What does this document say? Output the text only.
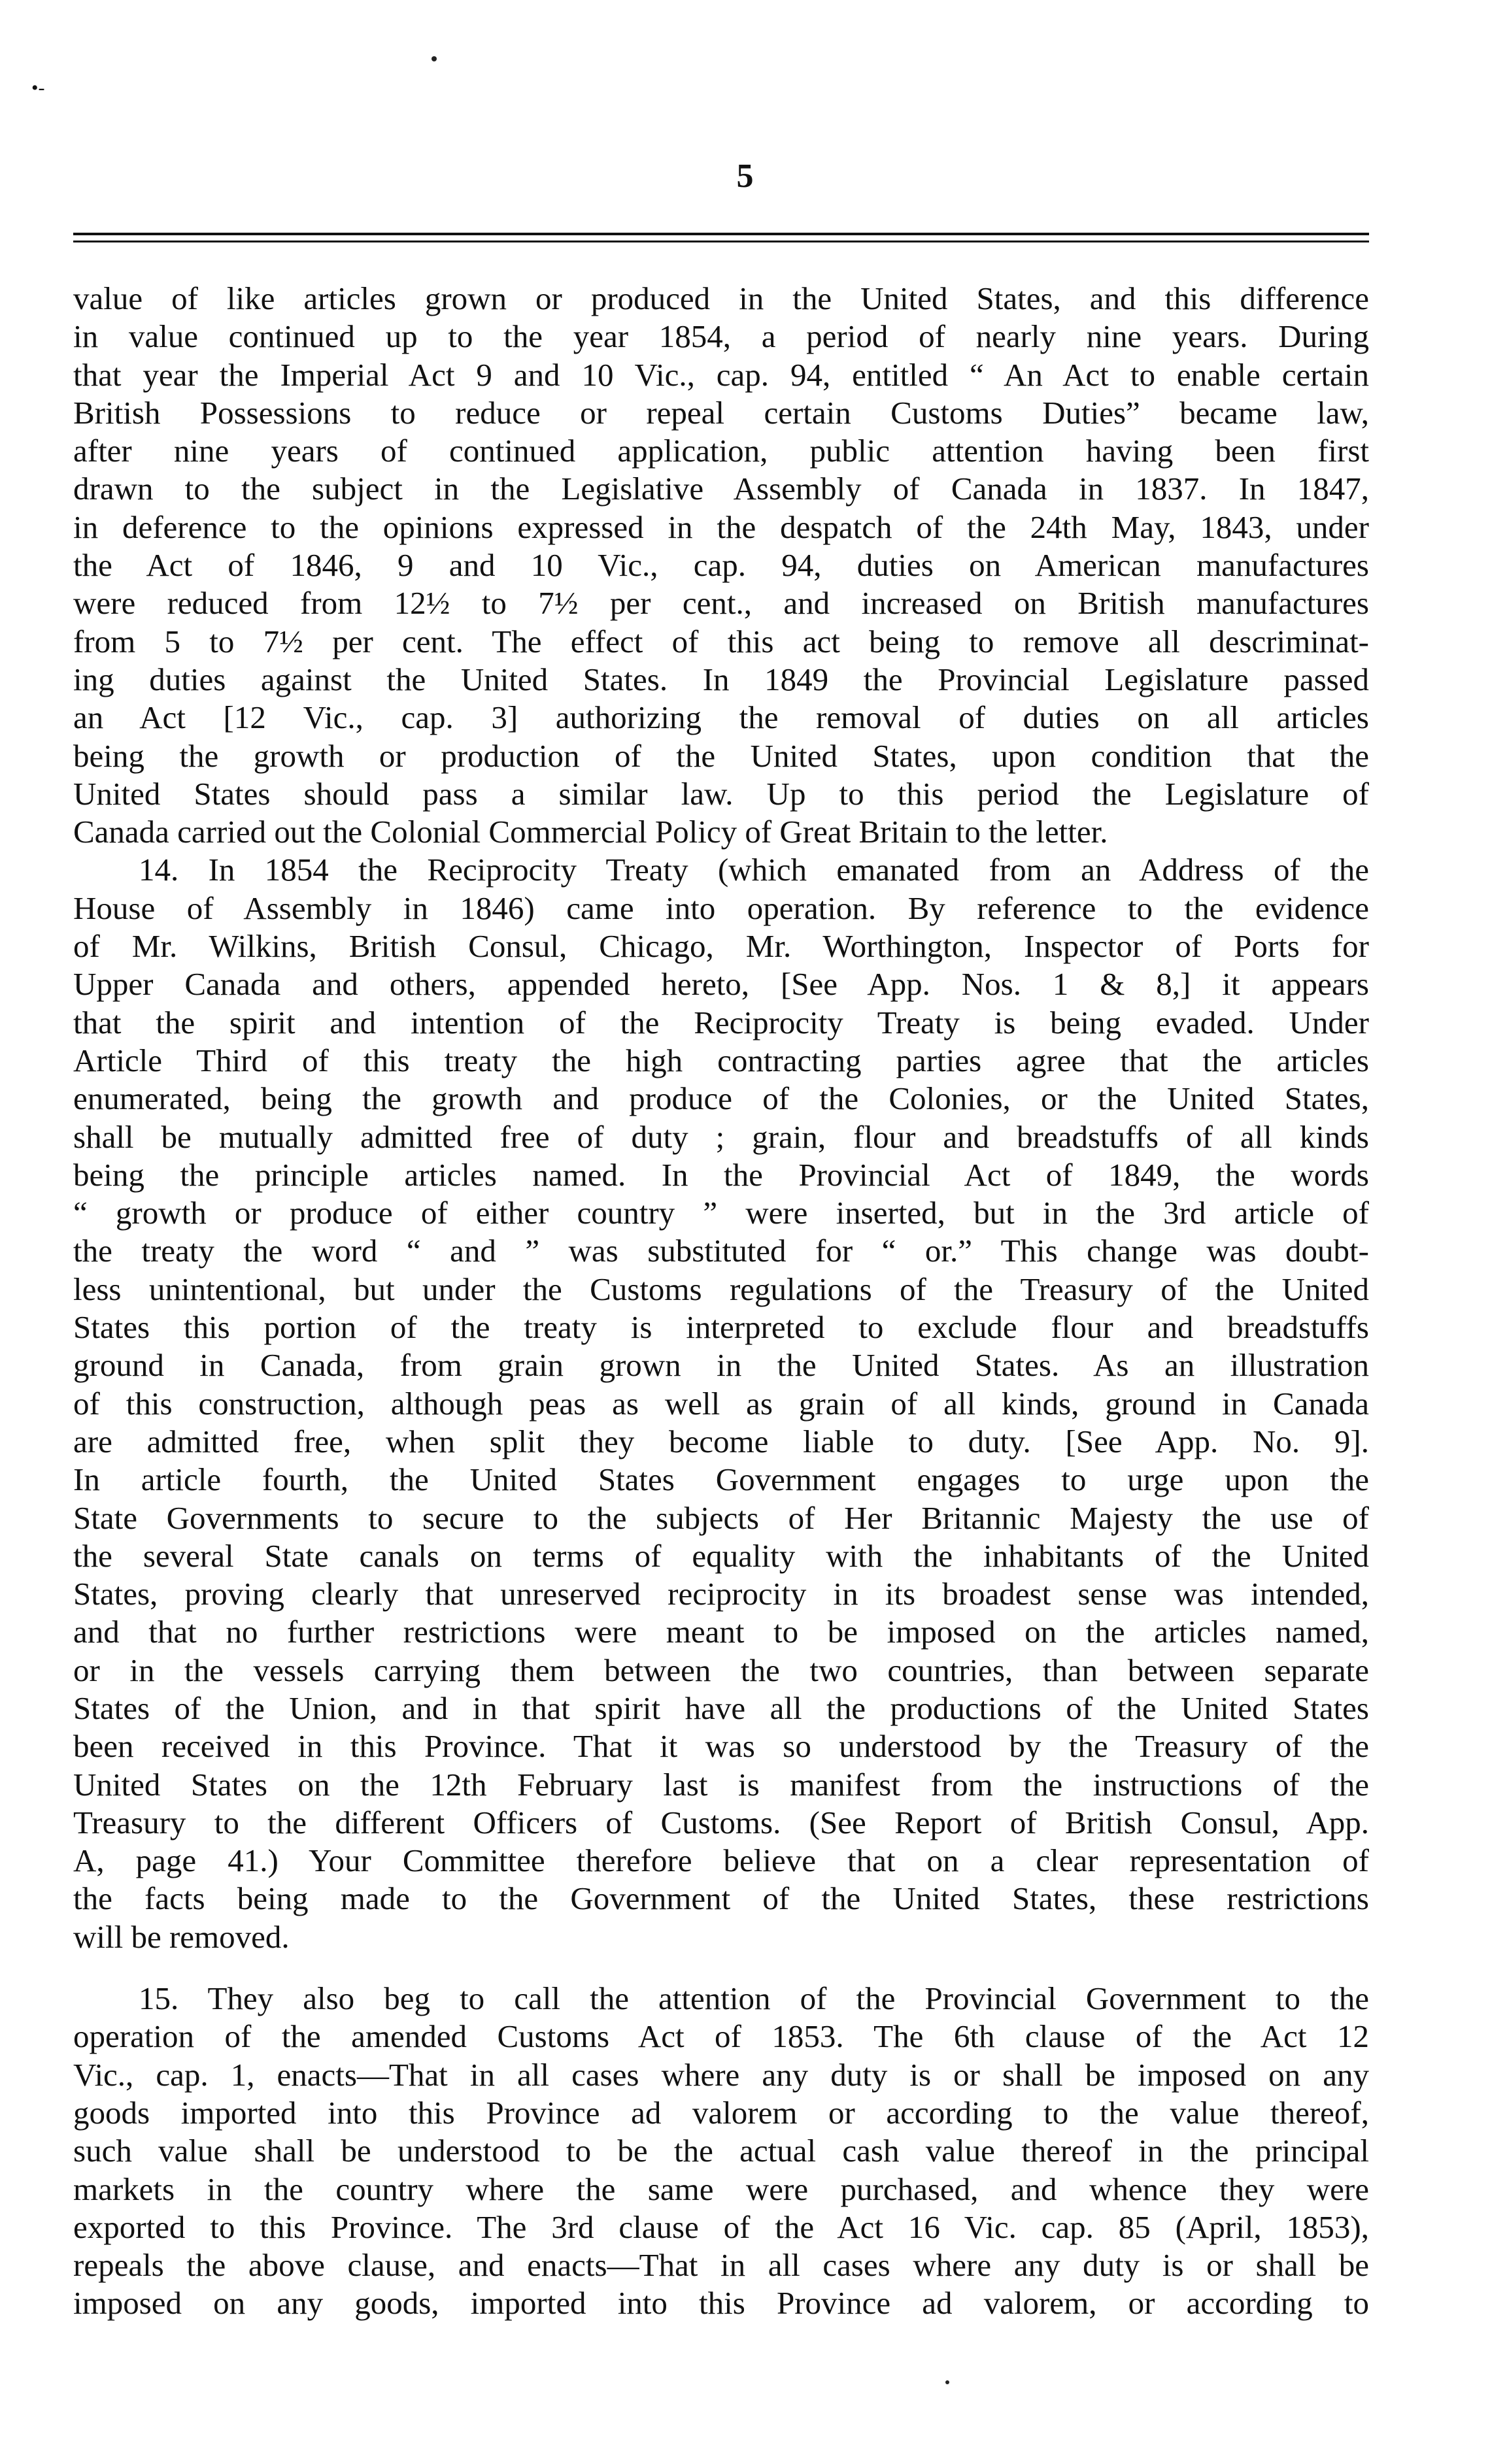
•-
5
value of like articles grown or produced in the United States, and this difference
in value continued up to the year 1854, a period of nearly nine years. During
that year the Imperial Act 9 and 10 Vic., cap. 94, entitled “ An Act to enable certain
British Possessions to reduce or repeal certain Customs Duties” became law,
after nine years of continued application, public attention having been first
drawn to the subject in the Legislative Assembly of Canada in 1837. In 1847,
in deference to the opinions expressed in the despatch of the 24th May, 1843, under
the Act of 1846, 9 and 10 Vic., cap. 94, duties on American manufactures
were reduced from 12½ to 7½ per cent., and increased on British manufactures
from 5 to 7½ per cent. The effect of this act being to remove all descriminat-
ing duties against the United States. In 1849 the Provincial Legislature passed
an Act [12 Vic., cap. 3] authorizing the removal of duties on all articles
being the growth or production of the United States, upon condition that the
United States should pass a similar law. Up to this period the Legislature of
Canada carried out the Colonial Commercial Policy of Great Britain to the letter.
14. In 1854 the Reciprocity Treaty (which emanated from an Address of the
House of Assembly in 1846) came into operation. By reference to the evidence
of Mr. Wilkins, British Consul, Chicago, Mr. Worthington, Inspector of Ports for
Upper Canada and others, appended hereto, [See App. Nos. 1 & 8,] it appears
that the spirit and intention of the Reciprocity Treaty is being evaded. Under
Article Third of this treaty the high contracting parties agree that the articles
enumerated, being the growth and produce of the Colonies, or the United States,
shall be mutually admitted free of duty ; grain, flour and breadstuffs of all kinds
being the principle articles named. In the Provincial Act of 1849, the words
“ growth or produce of either country ” were inserted, but in the 3rd article of
the treaty the word “ and ” was substituted for “ or.” This change was doubt-
less unintentional, but under the Customs regulations of the Treasury of the United
States this portion of the treaty is interpreted to exclude flour and breadstuffs
ground in Canada, from grain grown in the United States. As an illustration
of this construction, although peas as well as grain of all kinds, ground in Canada
are admitted free, when split they become liable to duty. [See App. No. 9].
In article fourth, the United States Government engages to urge upon the
State Governments to secure to the subjects of Her Britannic Majesty the use of
the several State canals on terms of equality with the inhabitants of the United
States, proving clearly that unreserved reciprocity in its broadest sense was intended,
and that no further restrictions were meant to be imposed on the articles named,
or in the vessels carrying them between the two countries, than between separate
States of the Union, and in that spirit have all the productions of the United States
been received in this Province. That it was so understood by the Treasury of the
United States on the 12th February last is manifest from the instructions of the
Treasury to the different Officers of Customs. (See Report of British Consul, App.
A, page 41.) Your Committee therefore believe that on a clear representation of
the facts being made to the Government of the United States, these restrictions
will be removed.
15. They also beg to call the attention of the Provincial Government to the
operation of the amended Customs Act of 1853. The 6th clause of the Act 12
Vic., cap. 1, enacts—That in all cases where any duty is or shall be imposed on any
goods imported into this Province ad valorem or according to the value thereof,
such value shall be understood to be the actual cash value thereof in the principal
markets in the country where the same were purchased, and whence they were
exported to this Province. The 3rd clause of the Act 16 Vic. cap. 85 (April, 1853),
repeals the above clause, and enacts—That in all cases where any duty is or shall be
imposed on any goods, imported into this Province ad valorem, or according to
